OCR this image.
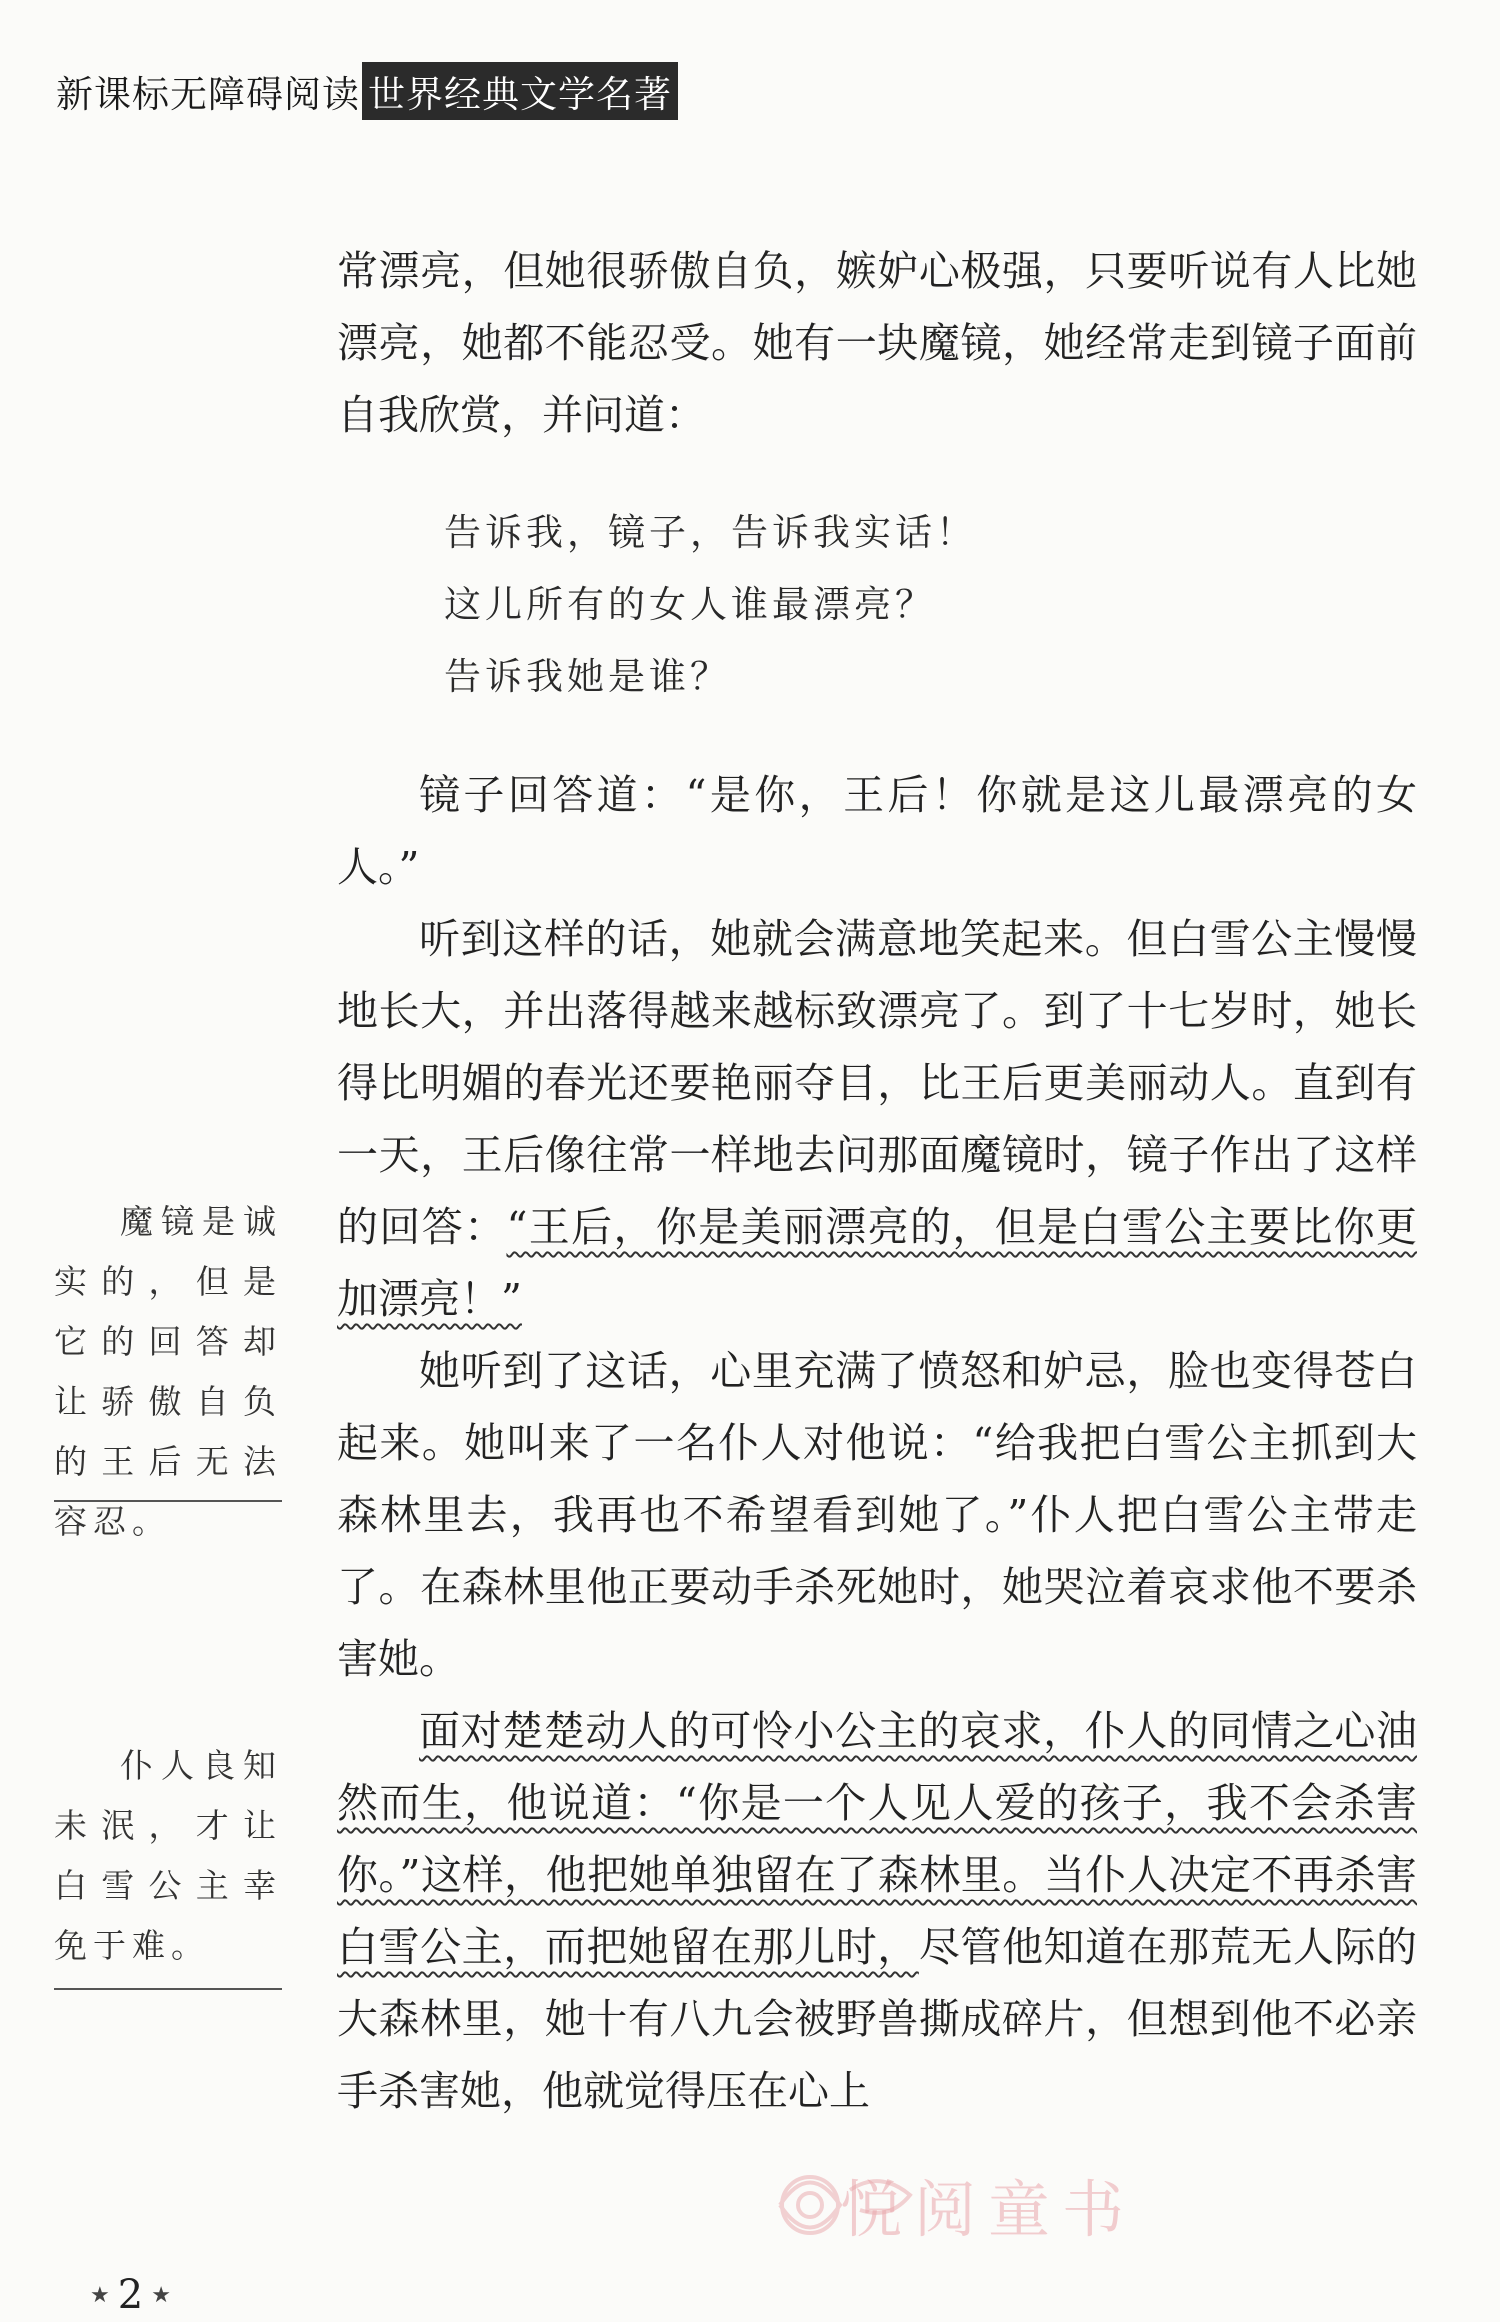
新课标无障碍阅读 世界经典文学名著

常漂亮，但她很骄傲自负，嫉妒心极强，只要听说有人比她漂亮，她都不能忍受。她有一块魔镜，她经常走到镜子面前自我欣赏，并问道：

告诉我，镜子，告诉我实话！
这儿所有的女人谁最漂亮？
告诉我她是谁？

镜子回答道：“是你，王后！你就是这儿最漂亮的女人。”

听到这样的话，她就会满意地笑起来。但白雪公主慢慢地长大，并出落得越来越标致漂亮了。到了十七岁时，她长得比明媚的春光还要艳丽夺目，比王后更美丽动人。直到有一天，王后像往常一样地去问那面魔镜时，镜子作出了这样的回答：“王后，你是美丽漂亮的，但是白雪公主要比你更加漂亮！”

她听到了这话，心里充满了愤怒和妒忌，脸也变得苍白起来。她叫来了一名仆人对他说：“给我把白雪公主抓到大森林里去，我再也不希望看到她了。”仆人把白雪公主带走了。在森林里他正要动手杀死她时，她哭泣着哀求他不要杀害她。

面对楚楚动人的可怜小公主的哀求，仆人的同情之心油然而生，他说道：“你是一个人见人爱的孩子，我不会杀害你。”这样，他把她单独留在了森林里。当仆人决定不再杀害白雪公主，而把她留在那儿时，尽管他知道在那荒无人际的大森林里，她十有八九会被野兽撕成碎片，但想到他不必亲手杀害她，他就觉得压在心上

魔镜是诚实的，但是它的回答却让骄傲自负的王后无法容忍。
仆人良知未泯，才让白雪公主幸免于难。
悦阅童书
★ 2 ★
